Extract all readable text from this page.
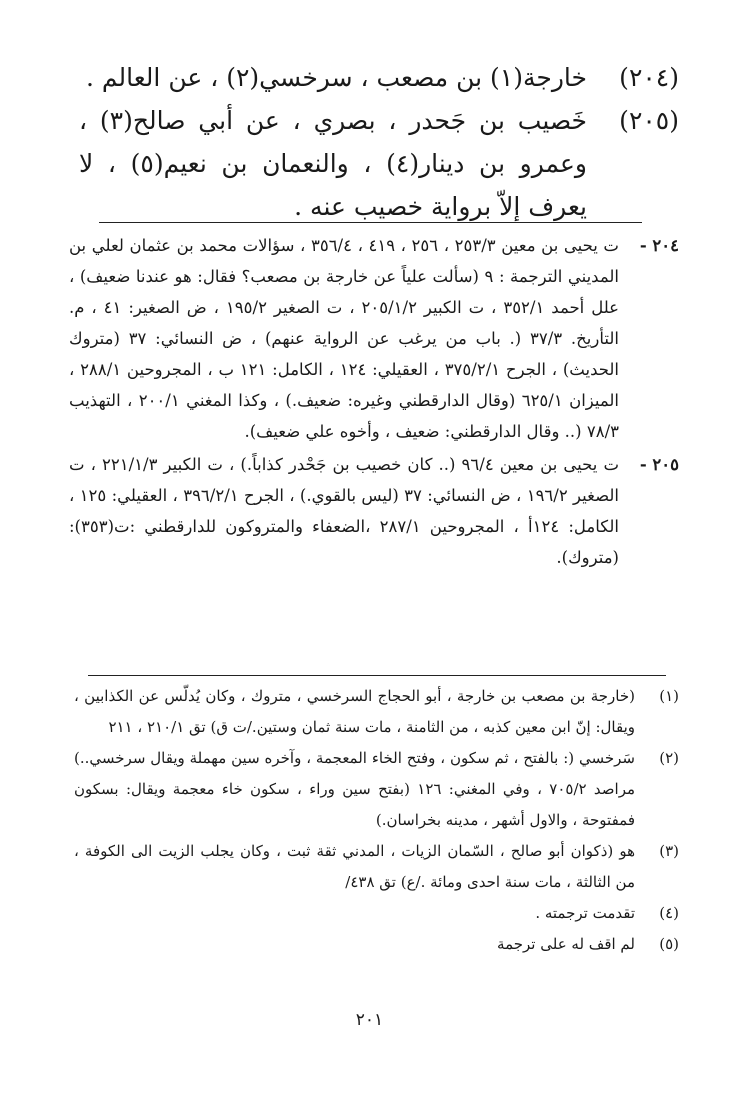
(٢٠٤)
خارجة(١) بن مصعب ، سرخسي(٢) ، عن العالم .
(٢٠٥)
خَصيب بن جَحدر ، بصري ، عن أبي صالح(٣) ، وعمرو بن دينار(٤) ، والنعمان بن نعيم(٥) ، لا يعرف إلاّ برواية خصيب عنه .
٢٠٤ -
ت يحيى بن معين ٢٥٣/٣ ، ٢٥٦ ، ٤١٩ ، ٣٥٦/٤ ، سؤالات محمد بن عثمان لعلي بن المديني الترجمة : ٩ (سألت علياً عن خارجة بن مصعب؟ فقال: هو عندنا ضعيف) ، علل أحمد ٣٥٢/١ ، ت الكبير ٢٠٥/١/٢ ، ت الصغير ١٩٥/٢ ، ض الصغير: ٤١ ، م. التأريخ. ٣٧/٣ (. باب من يرغب عن الرواية عنهم) ، ض النسائي: ٣٧ (متروك الحديث) ، الجرح ٣٧٥/٢/١ ، العقيلي: ١٢٤ ، الكامل: ١٢١ ب ، المجروحين ٢٨٨/١ ، الميزان ٦٢٥/١ (وقال الدارقطني وغيره: ضعيف.) ، وكذا المغني ٢٠٠/١ ، التهذيب ٧٨/٣ (.. وقال الدارقطني: ضعيف ، وأخوه علي ضعيف).
٢٠٥ -
ت يحيى بن معين ٩٦/٤ (.. كان خصيب بن جَحْدر كذاباً.) ، ت الكبير ٢٢١/١/٣ ، ت الصغير ١٩٦/٢ ، ض النسائي: ٣٧ (ليس بالقوي.) ، الجرح ٣٩٦/٢/١ ، العقيلي: ١٢٥ ، الكامل: ١٢٤أ ، المجروحين ٢٨٧/١ ،الضعفاء والمتروكون للدارقطني :ت(٣٥٣):(متروك).
(١)
(خارجة بن مصعب بن خارجة ، أبو الحجاج السرخسي ، متروك ، وكان يُدلّس عن الكذابين ، ويقال: إنّ ابن معين كذبه ، من الثامنة ، مات سنة ثمان وستين./ت ق) تق ٢١٠/١ ، ٢١١
(٢)
سَرخسي (: بالفتح ، ثم سكون ، وفتح الخاء المعجمة ، وآخره سين مهملة ويقال سرخسي..) مراصد ٧٠٥/٢ ، وفي المغني: ١٢٦ (بفتح سين وراء ، سكون خاء معجمة ويقال: بسكون فمفتوحة ، والاول أشهر ، مدينه بخراسان.)
(٣)
هو (ذكوان أبو صالح ، السّمان الزيات ، المدني ثقة ثبت ، وكان يجلب الزيت الى الكوفة ، من الثالثة ، مات سنة احدى ومائة ./ع) تق ٤٣٨/
(٤)
تقدمت ترجمته .
(٥)
لم اقف له على ترجمة
٢٠١
